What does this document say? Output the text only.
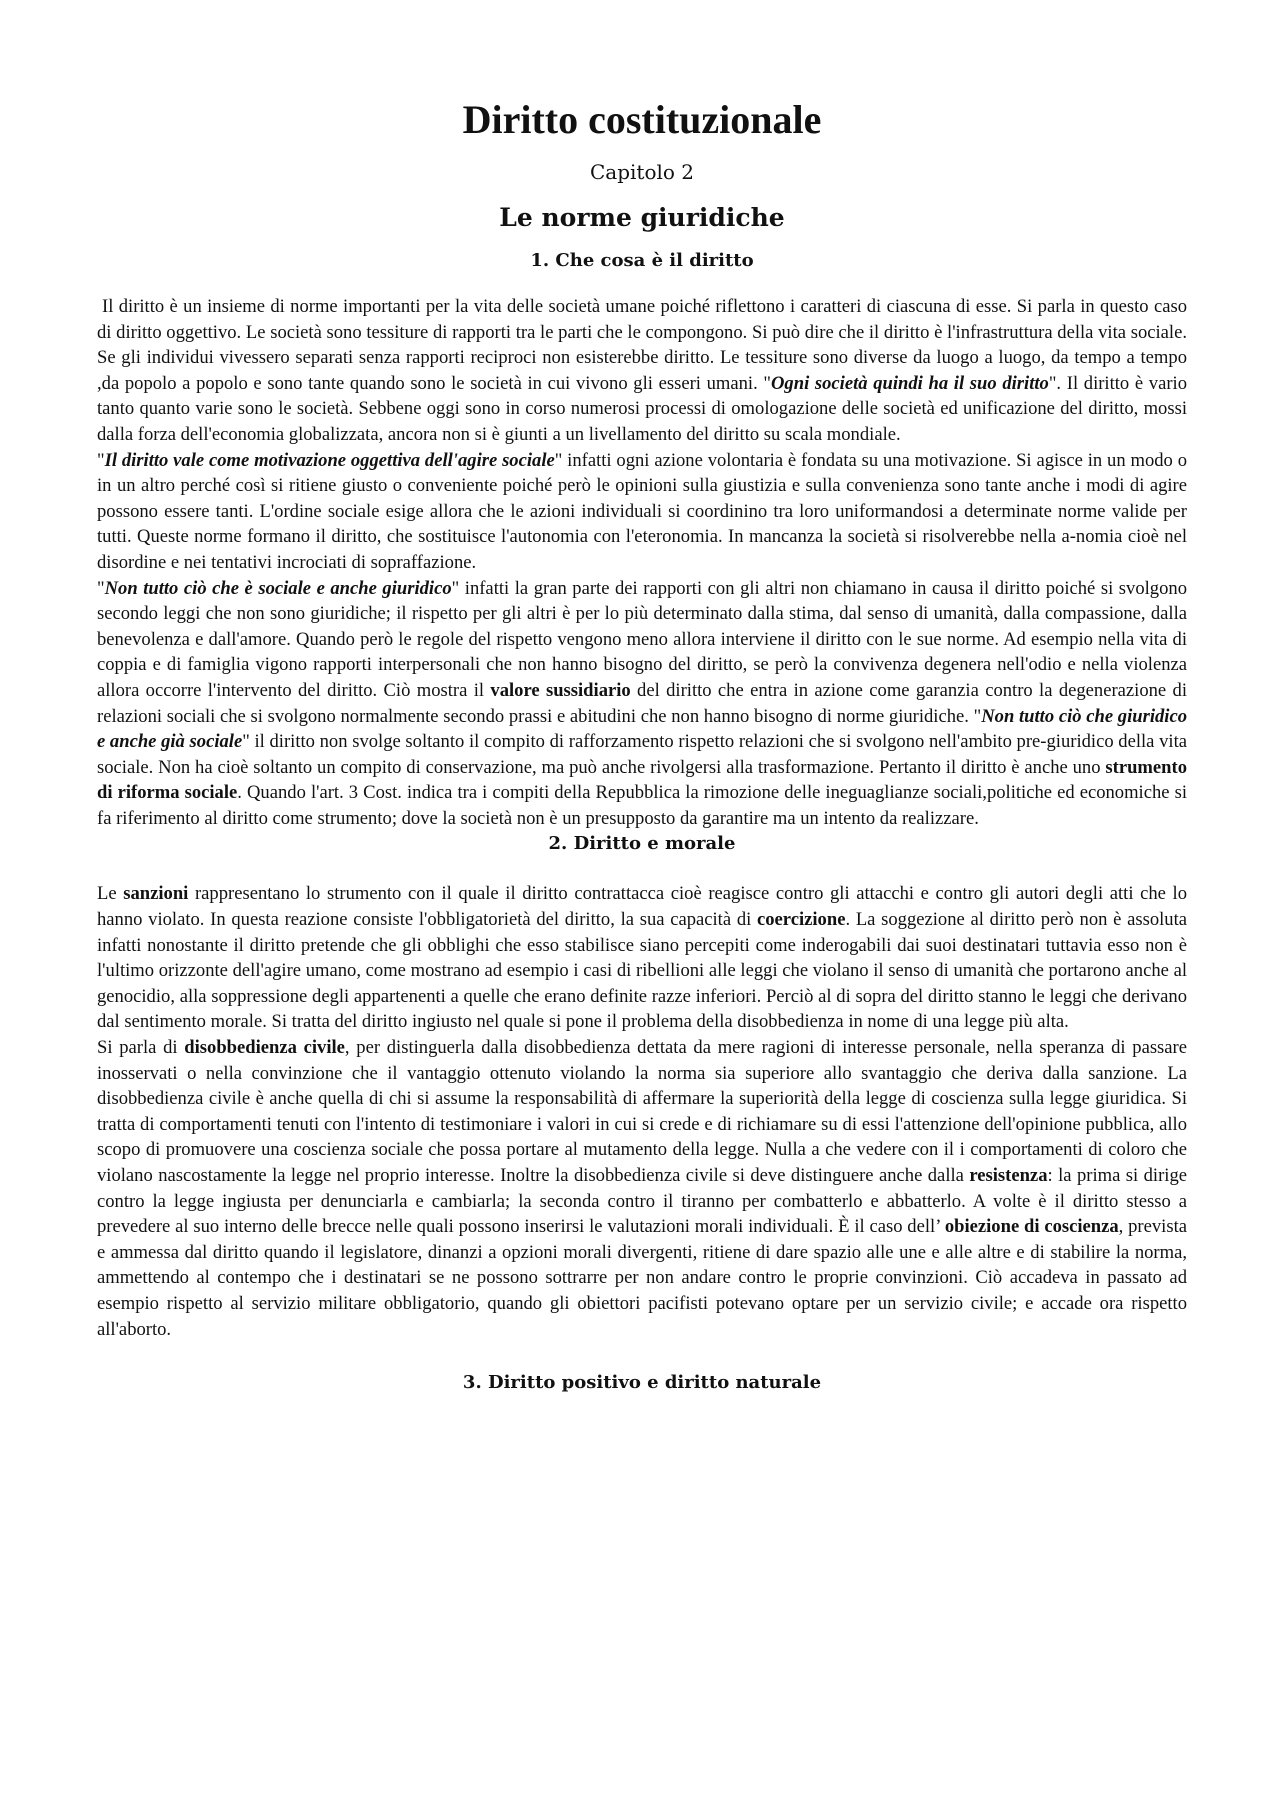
Diritto costituzionale
Capitolo 2
Le norme giuridiche
1. Che cosa è il diritto

Il diritto è un insieme di norme importanti per la vita delle società umane poiché riflettono i caratteri di ciascuna di esse. Si parla in questo caso di diritto oggettivo. Le società sono tessiture di rapporti tra le parti che le compongono. Si può dire che il diritto è l'infrastruttura della vita sociale. Se gli individui vivessero separati senza rapporti reciproci non esisterebbe diritto. Le tessiture sono diverse da luogo a luogo, da tempo a tempo ,da popolo a popolo e sono tante quando sono le società in cui vivono gli esseri umani. "Ogni società quindi ha il suo diritto". Il diritto è vario tanto quanto varie sono le società. Sebbene oggi sono in corso numerosi processi di omologazione delle società ed unificazione del diritto, mossi dalla forza dell'economia globalizzata, ancora non si è giunti a un livellamento del diritto su scala mondiale.

"Il diritto vale come motivazione oggettiva dell'agire sociale" infatti ogni azione volontaria è fondata su una motivazione. Si agisce in un modo o in un altro perché così si ritiene giusto o conveniente poiché però le opinioni sulla giustizia e sulla convenienza sono tante anche i modi di agire possono essere tanti. L'ordine sociale esige allora che le azioni individuali si coordinino tra loro uniformandosi a determinate norme valide per tutti. Queste norme formano il diritto, che sostituisce l'autonomia con l'eteronomia. In mancanza la società si risolverebbe nella a-nomia cioè nel disordine e nei tentativi incrociati di sopraffazione.

"Non tutto ciò che è sociale e anche giuridico" infatti la gran parte dei rapporti con gli altri non chiamano in causa il diritto poiché si svolgono secondo leggi che non sono giuridiche; il rispetto per gli altri è per lo più determinato dalla stima, dal senso di umanità, dalla compassione, dalla benevolenza e dall'amore. Quando però le regole del rispetto vengono meno allora interviene il diritto con le sue norme. Ad esempio nella vita di coppia e di famiglia vigono rapporti interpersonali che non hanno bisogno del diritto, se però la convivenza degenera nell'odio e nella violenza allora occorre l'intervento del diritto. Ciò mostra il valore sussidiario del diritto che entra in azione come garanzia contro la degenerazione di relazioni sociali che si svolgono normalmente secondo prassi e abitudini che non hanno bisogno di norme giuridiche. "Non tutto ciò che giuridico e anche già sociale" il diritto non svolge soltanto il compito di rafforzamento rispetto relazioni che si svolgono nell'ambito pre-giuridico della vita sociale. Non ha cioè soltanto un compito di conservazione, ma può anche rivolgersi alla trasformazione. Pertanto il diritto è anche uno strumento di riforma sociale. Quando l'art. 3 Cost. indica tra i compiti della Repubblica la rimozione delle ineguaglianze sociali,politiche ed economiche si fa riferimento al diritto come strumento; dove la società non è un presupposto da garantire ma un intento da realizzare.

2. Diritto e morale

Le sanzioni rappresentano lo strumento con il quale il diritto contrattacca cioè reagisce contro gli attacchi e contro gli autori degli atti che lo hanno violato. In questa reazione consiste l'obbligatorietà del diritto, la sua capacità di coercizione. La soggezione al diritto però non è assoluta infatti nonostante il diritto pretende che gli obblighi che esso stabilisce siano percepiti come inderogabili dai suoi destinatari tuttavia esso non è l'ultimo orizzonte dell'agire umano, come mostrano ad esempio i casi di ribellioni alle leggi che violano il senso di umanità che portarono anche al genocidio, alla soppressione degli appartenenti a quelle che erano definite razze inferiori. Perciò al di sopra del diritto stanno le leggi che derivano dal sentimento morale. Si tratta del diritto ingiusto nel quale si pone il problema della disobbedienza in nome di una legge più alta.

Si parla di disobbedienza civile, per distinguerla dalla disobbedienza dettata da mere ragioni di interesse personale, nella speranza di passare inosservati o nella convinzione che il vantaggio ottenuto violando la norma sia superiore allo svantaggio che deriva dalla sanzione. La disobbedienza civile è anche quella di chi si assume la responsabilità di affermare la superiorità della legge di coscienza sulla legge giuridica. Si tratta di comportamenti tenuti con l'intento di testimoniare i valori in cui si crede e di richiamare su di essi l'attenzione dell'opinione pubblica, allo scopo di promuovere una coscienza sociale che possa portare al mutamento della legge. Nulla a che vedere con il i comportamenti di coloro che violano nascostamente la legge nel proprio interesse. Inoltre la disobbedienza civile si deve distinguere anche dalla resistenza: la prima si dirige contro la legge ingiusta per denunciarla e cambiarla; la seconda contro il tiranno per combatterlo e abbatterlo. A volte è il diritto stesso a prevedere al suo interno delle brecce nelle quali possono inserirsi le valutazioni morali individuali. È il caso dell’ obiezione di coscienza, prevista e ammessa dal diritto quando il legislatore, dinanzi a opzioni morali divergenti, ritiene di dare spazio alle une e alle altre e di stabilire la norma, ammettendo al contempo che i destinatari se ne possono sottrarre per non andare contro le proprie convinzioni. Ciò accadeva in passato ad esempio rispetto al servizio militare obbligatorio, quando gli obiettori pacifisti potevano optare per un servizio civile; e accade ora rispetto all'aborto.

3. Diritto positivo e diritto naturale
